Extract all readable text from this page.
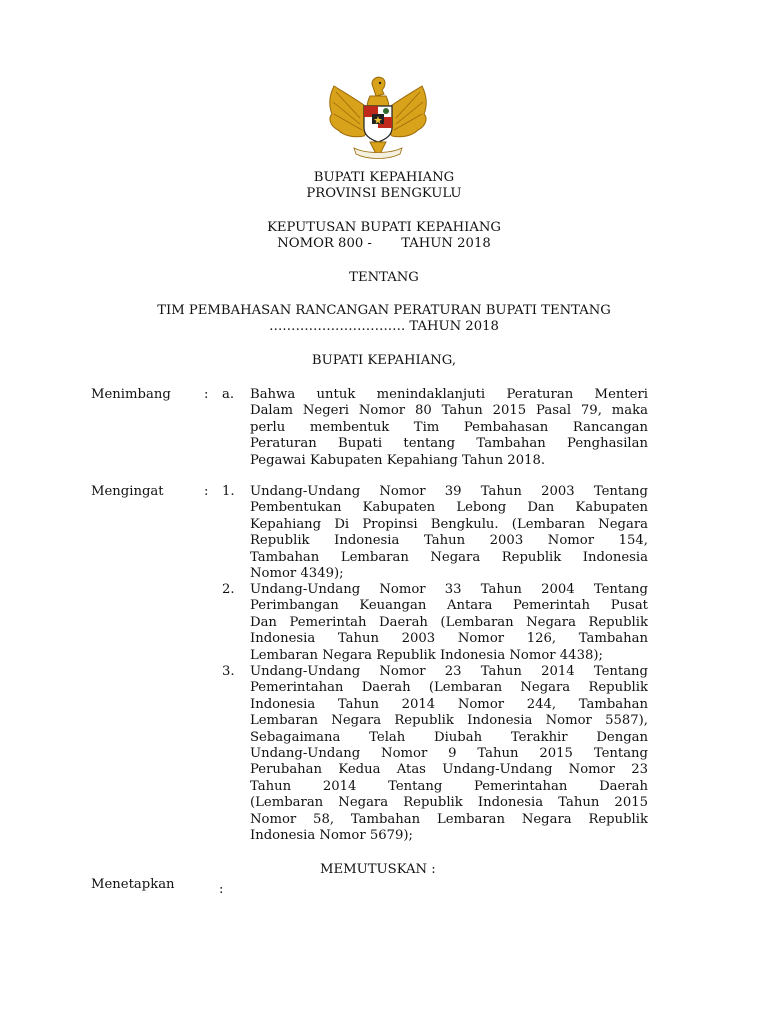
BUPATI KEPAHIANG
PROVINSI BENGKULU
KEPUTUSAN BUPATI KEPAHIANG
NOMOR 800 -       TAHUN 2018
TENTANG
TIM PEMBAHASAN RANCANGAN PERATURAN BUPATI TENTANG
…………………………. TAHUN 2018
BUPATI KEPAHIANG,
Menimbang	: a. Bahwa untuk menindaklanjuti Peraturan Menteri
Dalam Negeri Nomor 80 Tahun 2015 Pasal 79, maka
perlu membentuk Tim Pembahasan Rancangan
Peraturan Bupati tentang Tambahan Penghasilan
Pegawai Kabupaten Kepahiang Tahun 2018.
Mengingat	: 1. Undang-Undang Nomor 39 Tahun 2003 Tentang
Pembentukan Kabupaten Lebong Dan Kabupaten
Kepahiang Di Propinsi Bengkulu. (Lembaran Negara
Republik Indonesia Tahun 2003 Nomor 154,
Tambahan Lembaran Negara Republik Indonesia
Nomor 4349);
2. Undang-Undang Nomor 33 Tahun 2004 Tentang
Perimbangan Keuangan Antara Pemerintah Pusat
Dan Pemerintah Daerah (Lembaran Negara Republik
Indonesia Tahun 2003 Nomor 126, Tambahan
Lembaran Negara Republik Indonesia Nomor 4438);
3. Undang-Undang Nomor 23 Tahun 2014 Tentang
Pemerintahan Daerah (Lembaran Negara Republik
Indonesia Tahun 2014 Nomor 244, Tambahan
Lembaran Negara Republik Indonesia Nomor 5587),
Sebagaimana Telah Diubah Terakhir Dengan
Undang-Undang Nomor 9 Tahun 2015 Tentang
Perubahan Kedua Atas Undang-Undang Nomor 23
Tahun 2014 Tentang Pemerintahan Daerah
(Lembaran Negara Republik Indonesia Tahun 2015
Nomor 58, Tambahan Lembaran Negara Republik
Indonesia Nomor 5679);
MEMUTUSKAN :
Menetapkan	:
